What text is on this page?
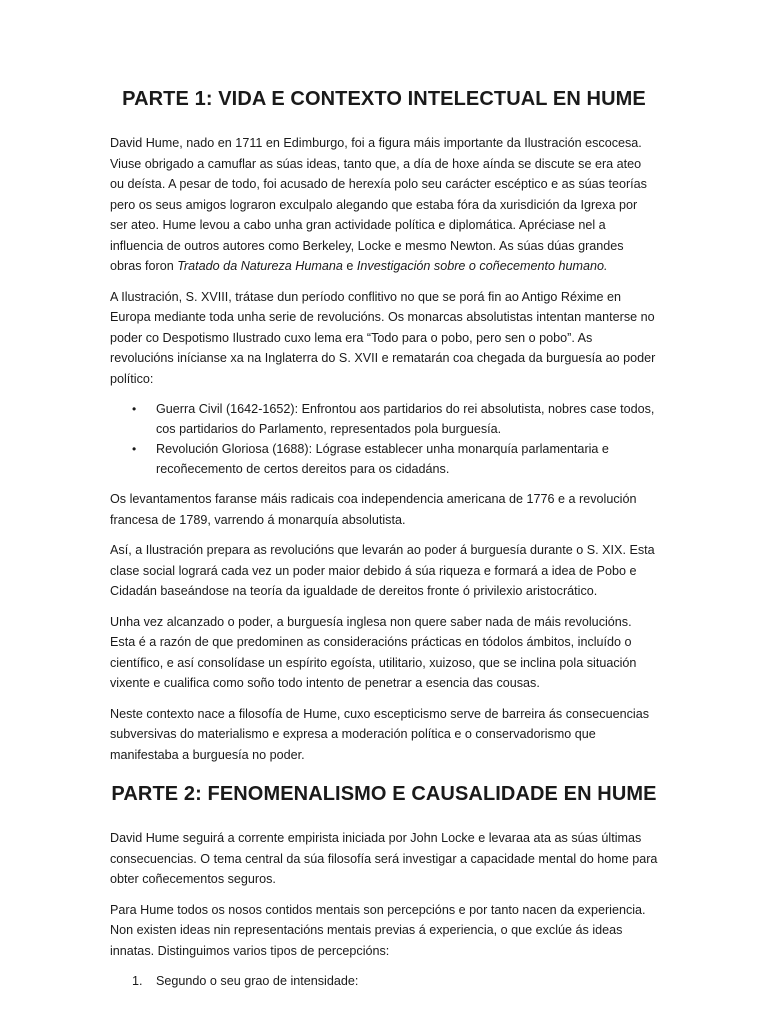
PARTE 1: VIDA E CONTEXTO INTELECTUAL EN HUME

David Hume, nado en 1711 en Edimburgo, foi a figura máis importante da Ilustración escocesa. Viuse obrigado a camuflar as súas ideas, tanto que, a día de hoxe aínda se discute se era ateo ou deísta. A pesar de todo, foi acusado de herexía polo seu carácter escéptico e as súas teorías pero os seus amigos lograron exculpalo alegando que estaba fóra da xurisdición da Igrexa por ser ateo. Hume levou a cabo unha gran actividade política e diplomática. Apréciase nel a influencia de outros autores como Berkeley, Locke e mesmo Newton. As súas dúas grandes obras foron Tratado da Natureza Humana e Investigación sobre o coñecemento humano.

A Ilustración, S. XVIII, trátase dun período conflitivo no que se porá fin ao Antigo Réxime en Europa mediante toda unha serie de revolucións. Os monarcas absolutistas intentan manterse no poder co Despotismo Ilustrado cuxo lema era “Todo para o pobo, pero sen o pobo”. As revolucións inícianse xa na Inglaterra do S. XVII e rematarán coa chegada da burguesía ao poder político:

• Guerra Civil (1642-1652): Enfrontou aos partidarios do rei absolutista, nobres case todos, cos partidarios do Parlamento, representados pola burguesía.
• Revolución Gloriosa (1688): Lógrase establecer unha monarquía parlamentaria e recoñecemento de certos dereitos para os cidadáns.

Os levantamentos faranse máis radicais coa independencia americana de 1776 e a revolución francesa de 1789, varrendo á monarquía absolutista.

Así, a Ilustración prepara as revolucións que levarán ao poder á burguesía durante o S. XIX. Esta clase social logrará cada vez un poder maior debido á súa riqueza e formará a idea de Pobo e Cidadán baseándose na teoría da igualdade de dereitos fronte ó privilexio aristocrático.

Unha vez alcanzado o poder, a burguesía inglesa non quere saber nada de máis revolucións. Esta é a razón de que predominen as consideracións prácticas en tódolos ámbitos, incluído o científico, e así consolídase un espírito egoísta, utilitario, xuizoso, que se inclina pola situación vixente e cualifica como soño todo intento de penetrar a esencia das cousas.

Neste contexto nace a filosofía de Hume, cuxo escepticismo serve de barreira ás consecuencias subversivas do materialismo e expresa a moderación política e o conservadorismo que manifestaba a burguesía no poder.

PARTE 2: FENOMENALISMO E CAUSALIDADE EN HUME

David Hume seguirá a corrente empirista iniciada por John Locke e levaraa ata as súas últimas consecuencias. O tema central da súa filosofía será investigar a capacidade mental do home para obter coñecementos seguros.

Para Hume todos os nosos contidos mentais son percepcións e por tanto nacen da experiencia. Non existen ideas nin representacións mentais previas á experiencia, o que exclúe ás ideas innatas. Distinguimos varios tipos de percepcións:

1. Segundo o seu grao de intensidade:
